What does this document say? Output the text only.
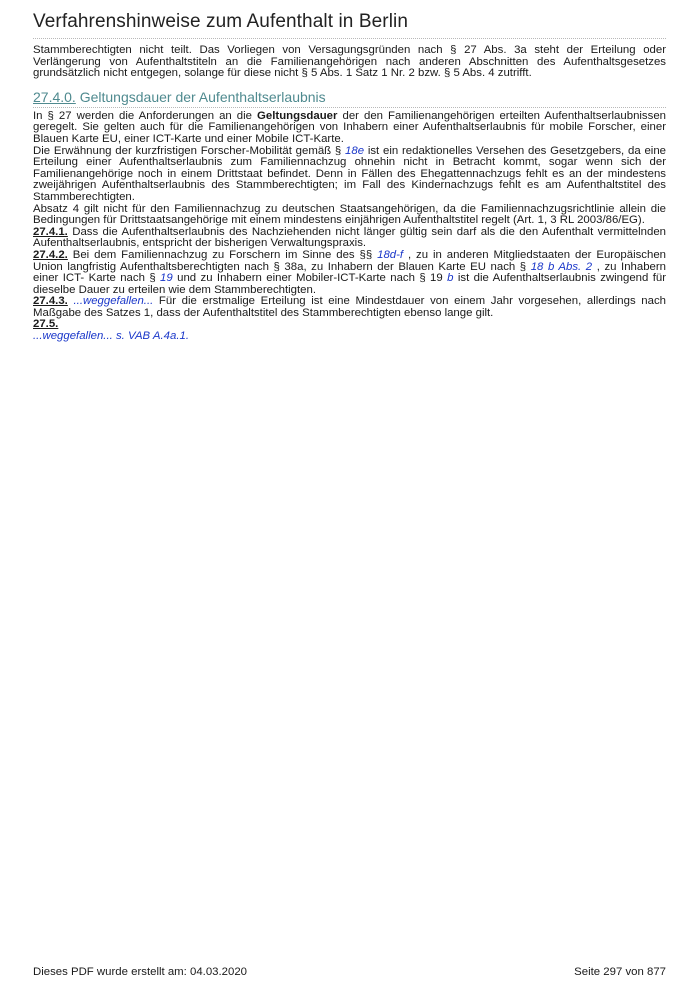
Verfahrenshinweise zum Aufenthalt in Berlin

Stammberechtigten nicht teilt. Das Vorliegen von Versagungsgründen nach § 27 Abs. 3a steht der Erteilung oder Verlängerung von Aufenthaltstiteln an die Familienangehörigen nach anderen Abschnitten des Aufenthaltsgesetzes grundsätzlich nicht entgegen, solange für diese nicht § 5 Abs. 1 Satz 1 Nr. 2 bzw. § 5 Abs. 4 zutrifft.

27.4.0. Geltungsdauer der Aufenthaltserlaubnis

In § 27 werden die Anforderungen an die Geltungsdauer der den Familienangehörigen erteilten Aufenthaltserlaubnissen geregelt. Sie gelten auch für die Familienangehörigen von Inhabern einer Aufenthaltserlaubnis für mobile Forscher, einer Blauen Karte EU, einer ICT-Karte und einer Mobile ICT-Karte.

Die Erwähnung der kurzfristigen Forscher-Mobilität gemäß § 18e ist ein redaktionelles Versehen des Gesetzgebers, da eine Erteilung einer Aufenthaltserlaubnis zum Familiennachzug ohnehin nicht in Betracht kommt, sogar wenn sich der Familienangehörige noch in einem Drittstaat befindet. Denn in Fällen des Ehegattennachzugs fehlt es an der mindestens zweijährigen Aufenthaltserlaubnis des Stammberechtigten; im Fall des Kindernachzugs fehlt es am Aufenthaltstitel des Stammberechtigten.

Absatz 4 gilt nicht für den Familiennachzug zu deutschen Staatsangehörigen, da die Familiennachzugsrichtlinie allein die Bedingungen für Drittstaatsangehörige mit einem mindestens einjährigen Aufenthaltstitel regelt (Art. 1, 3 RL 2003/86/EG).

27.4.1. Dass die Aufenthaltserlaubnis des Nachziehenden nicht länger gültig sein darf als die den Aufenthalt vermittelnden Aufenthaltserlaubnis, entspricht der bisherigen Verwaltungspraxis.

27.4.2. Bei dem Familiennachzug zu Forschern im Sinne des §§ 18d-f , zu in anderen Mitgliedstaaten der Europäischen Union langfristig Aufenthaltsberechtigten nach § 38a, zu Inhabern der Blauen Karte EU nach § 18 b Abs. 2 , zu Inhabern einer ICT- Karte nach § 19 und zu Inhabern einer Mobiler-ICT-Karte nach § 19 b ist die Aufenthaltserlaubnis zwingend für dieselbe Dauer zu erteilen wie dem Stammberechtigten.

27.4.3. ...weggefallen... Für die erstmalige Erteilung ist eine Mindestdauer von einem Jahr vorgesehen, allerdings nach Maßgabe des Satzes 1, dass der Aufenthaltstitel des Stammberechtigten ebenso lange gilt.

27.5.

...weggefallen... s. VAB A.4a.1.

Dieses PDF wurde erstellt am: 04.03.2020	Seite 297 von 877
